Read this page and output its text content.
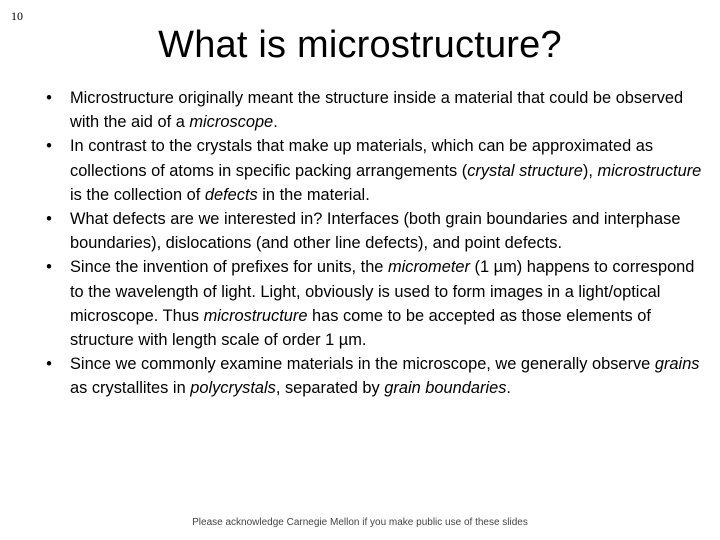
10
What is microstructure?
• Microstructure originally meant the structure inside a material that could be observed with the aid of a microscope.
• In contrast to the crystals that make up materials, which can be approximated as collections of atoms in specific packing arrangements (crystal structure), microstructure is the collection of defects in the material.
• What defects are we interested in? Interfaces (both grain boundaries and interphase boundaries), dislocations (and other line defects), and point defects.
• Since the invention of prefixes for units, the micrometer (1 µm) happens to correspond to the wavelength of light. Light, obviously is used to form images in a light/optical microscope. Thus microstructure has come to be accepted as those elements of structure with length scale of order 1 µm.
• Since we commonly examine materials in the microscope, we generally observe grains as crystallites in polycrystals, separated by grain boundaries.
Please acknowledge Carnegie Mellon if you make public use of these slides
